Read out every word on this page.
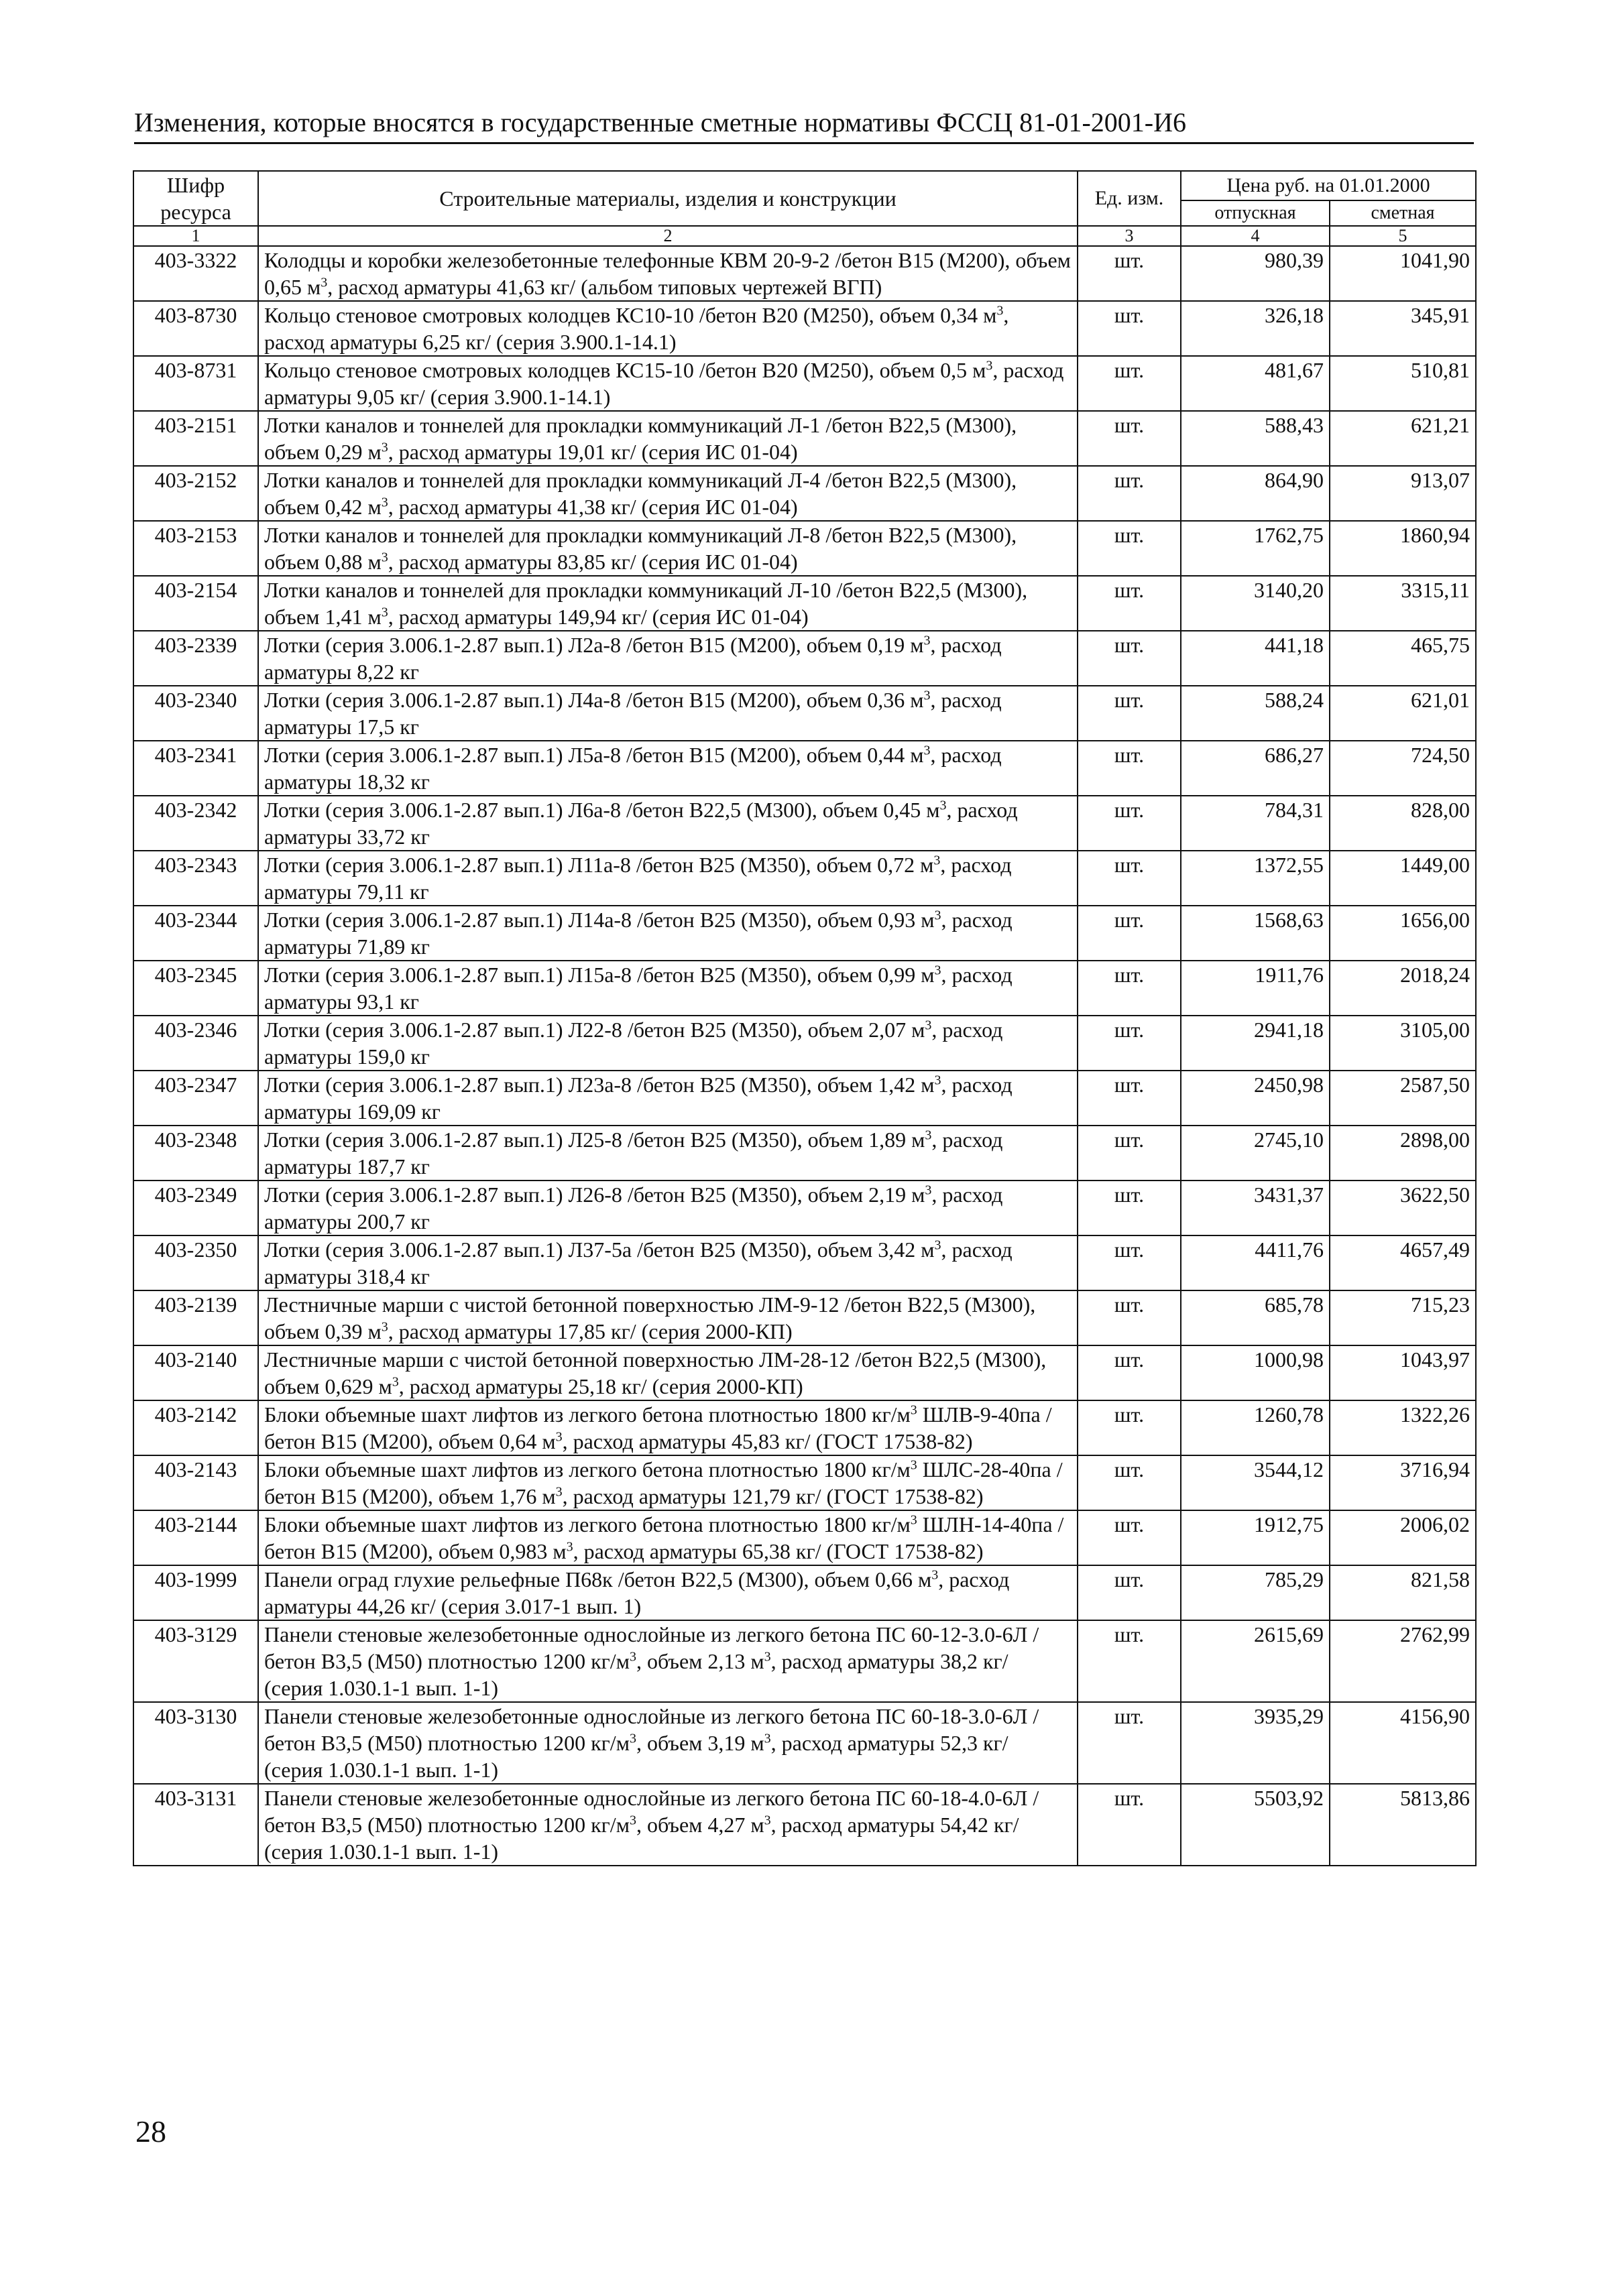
Изменения, которые вносятся в государственные сметные нормативы ФССЦ 81-01-2001-И6
Шифр ресурса	Строительные материалы, изделия и конструкции	Ед. изм.	Цена руб. на 01.01.2000	
			отпускная	сметная
1	2	3	4	5
403-3322	Колодцы и коробки железобетонные телефонные КВМ 20-9-2 /бетон В15 (М200), объем 0,65 $м^3$, расход арматуры 41,63 кг/ (альбом типовых чертежей ВГП)	шт.	980,39	1041,90
403-8730	Кольцо стеновое смотровых колодцев КС10-10 /бетон В20 (М250), объем 0,34 $м^3$, расход арматуры 6,25 кг/ (серия 3.900.1-14.1)	шт.	326,18	345,91
403-8731	Кольцо стеновое смотровых колодцев КС15-10 /бетон В20 (М250), объем 0,5 $м^3$, расход арматуры 9,05 кг/ (серия 3.900.1-14.1)	шт.	481,67	510,81
403-2151	Лотки каналов и тоннелей для прокладки коммуникаций Л-1 /бетон В22,5 (М300), объем 0,29 $м^3$, расход арматуры 19,01 кг/ (серия ИС 01-04)	шт.	588,43	621,21
403-2152	Лотки каналов и тоннелей для прокладки коммуникаций Л-4 /бетон В22,5 (М300), объем 0,42 $м^3$, расход арматуры 41,38 кг/ (серия ИС 01-04)	шт.	864,90	913,07
403-2153	Лотки каналов и тоннелей для прокладки коммуникаций Л-8 /бетон В22,5 (М300), объем 0,88 $м^3$, расход арматуры 83,85 кг/ (серия ИС 01-04)	шт.	1762,75	1860,94
403-2154	Лотки каналов и тоннелей для прокладки коммуникаций Л-10 /бетон В22,5 (М300), объем 1,41 $м^3$, расход арматуры 149,94 кг/ (серия ИС 01-04)	шт.	3140,20	3315,11
403-2339	Лотки (серия 3.006.1-2.87 вып.1) Л2а-8 /бетон В15 (М200), объем 0,19 $м^3$, расход арматуры 8,22 кг	шт.	441,18	465,75
403-2340	Лотки (серия 3.006.1-2.87 вып.1) Л4а-8 /бетон В15 (М200), объем 0,36 $м^3$, расход арматуры 17,5 кг	шт.	588,24	621,01
403-2341	Лотки (серия 3.006.1-2.87 вып.1) Л5а-8 /бетон В15 (М200), объем 0,44 $м^3$, расход арматуры 18,32 кг	шт.	686,27	724,50
403-2342	Лотки (серия 3.006.1-2.87 вып.1) Л6а-8 /бетон В22,5 (М300), объем 0,45 $м^3$, расход арматуры 33,72 кг	шт.	784,31	828,00
403-2343	Лотки (серия 3.006.1-2.87 вып.1) Л11а-8 /бетон В25 (М350), объем 0,72 $м^3$, расход арматуры 79,11 кг	шт.	1372,55	1449,00
403-2344	Лотки (серия 3.006.1-2.87 вып.1) Л14а-8 /бетон В25 (М350), объем 0,93 $м^3$, расход арматуры 71,89 кг	шт.	1568,63	1656,00
403-2345	Лотки (серия 3.006.1-2.87 вып.1) Л15а-8 /бетон В25 (М350), объем 0,99 $м^3$, расход арматуры 93,1 кг	шт.	1911,76	2018,24
403-2346	Лотки (серия 3.006.1-2.87 вып.1) Л22-8 /бетон В25 (М350), объем 2,07 $м^3$, расход арматуры 159,0 кг	шт.	2941,18	3105,00
403-2347	Лотки (серия 3.006.1-2.87 вып.1) Л23а-8 /бетон В25 (М350), объем 1,42 $м^3$, расход арматуры 169,09 кг	шт.	2450,98	2587,50
403-2348	Лотки (серия 3.006.1-2.87 вып.1) Л25-8 /бетон В25 (М350), объем 1,89 $м^3$, расход арматуры 187,7 кг	шт.	2745,10	2898,00
403-2349	Лотки (серия 3.006.1-2.87 вып.1) Л26-8 /бетон В25 (М350), объем 2,19 $м^3$, расход арматуры 200,7 кг	шт.	3431,37	3622,50
403-2350	Лотки (серия 3.006.1-2.87 вып.1) Л37-5а /бетон В25 (М350), объем 3,42 $м^3$, расход арматуры 318,4 кг	шт.	4411,76	4657,49
403-2139	Лестничные марши с чистой бетонной поверхностью ЛМ-9-12 /бетон В22,5 (М300), объем 0,39 $м^3$, расход арматуры 17,85 кг/ (серия 2000-КП)	шт.	685,78	715,23
403-2140	Лестничные марши с чистой бетонной поверхностью ЛМ-28-12 /бетон В22,5 (М300), объем 0,629 $м^3$, расход арматуры 25,18 кг/ (серия 2000-КП)	шт.	1000,98	1043,97
403-2142	Блоки объемные шахт лифтов из легкого бетона плотностью 1800 $кг/м^3$ ШЛВ-9-40па /бетон В15 (М200), объем 0,64 $м^3$, расход арматуры 45,83 кг/ (ГОСТ 17538-82)	шт.	1260,78	1322,26
403-2143	Блоки объемные шахт лифтов из легкого бетона плотностью 1800 $кг/м^3$ ШЛС-28-40па /бетон В15 (М200), объем 1,76 $м^3$, расход арматуры 121,79 кг/ (ГОСТ 17538-82)	шт.	3544,12	3716,94
403-2144	Блоки объемные шахт лифтов из легкого бетона плотностью 1800 $кг/м^3$ ШЛН-14-40па /бетон В15 (М200), объем 0,983 $м^3$, расход арматуры 65,38 кг/ (ГОСТ 17538-82)	шт.	1912,75	2006,02
403-1999	Панели оград глухие рельефные П68к /бетон В22,5 (М300), объем 0,66 $м^3$, расход арматуры 44,26 кг/ (серия 3.017-1 вып. 1)	шт.	785,29	821,58
403-3129	Панели стеновые железобетонные однослойные из легкого бетона ПС 60-12-3.0-6Л /бетон В3,5 (М50) плотностью 1200 $кг/м^3$, объем 2,13 $м^3$, расход арматуры 38,2 кг/ (серия 1.030.1-1 вып. 1-1)	шт.	2615,69	2762,99
403-3130	Панели стеновые железобетонные однослойные из легкого бетона ПС 60-18-3.0-6Л /бетон В3,5 (М50) плотностью 1200 $кг/м^3$, объем 3,19 $м^3$, расход арматуры 52,3 кг/ (серия 1.030.1-1 вып. 1-1)	шт.	3935,29	4156,90
403-3131	Панели стеновые железобетонные однослойные из легкого бетона ПС 60-18-4.0-6Л /бетон В3,5 (М50) плотностью 1200 $кг/м^3$, объем 4,27 $м^3$, расход арматуры 54,42 кг/ (серия 1.030.1-1 вып. 1-1)	шт.	5503,92	5813,86
28
